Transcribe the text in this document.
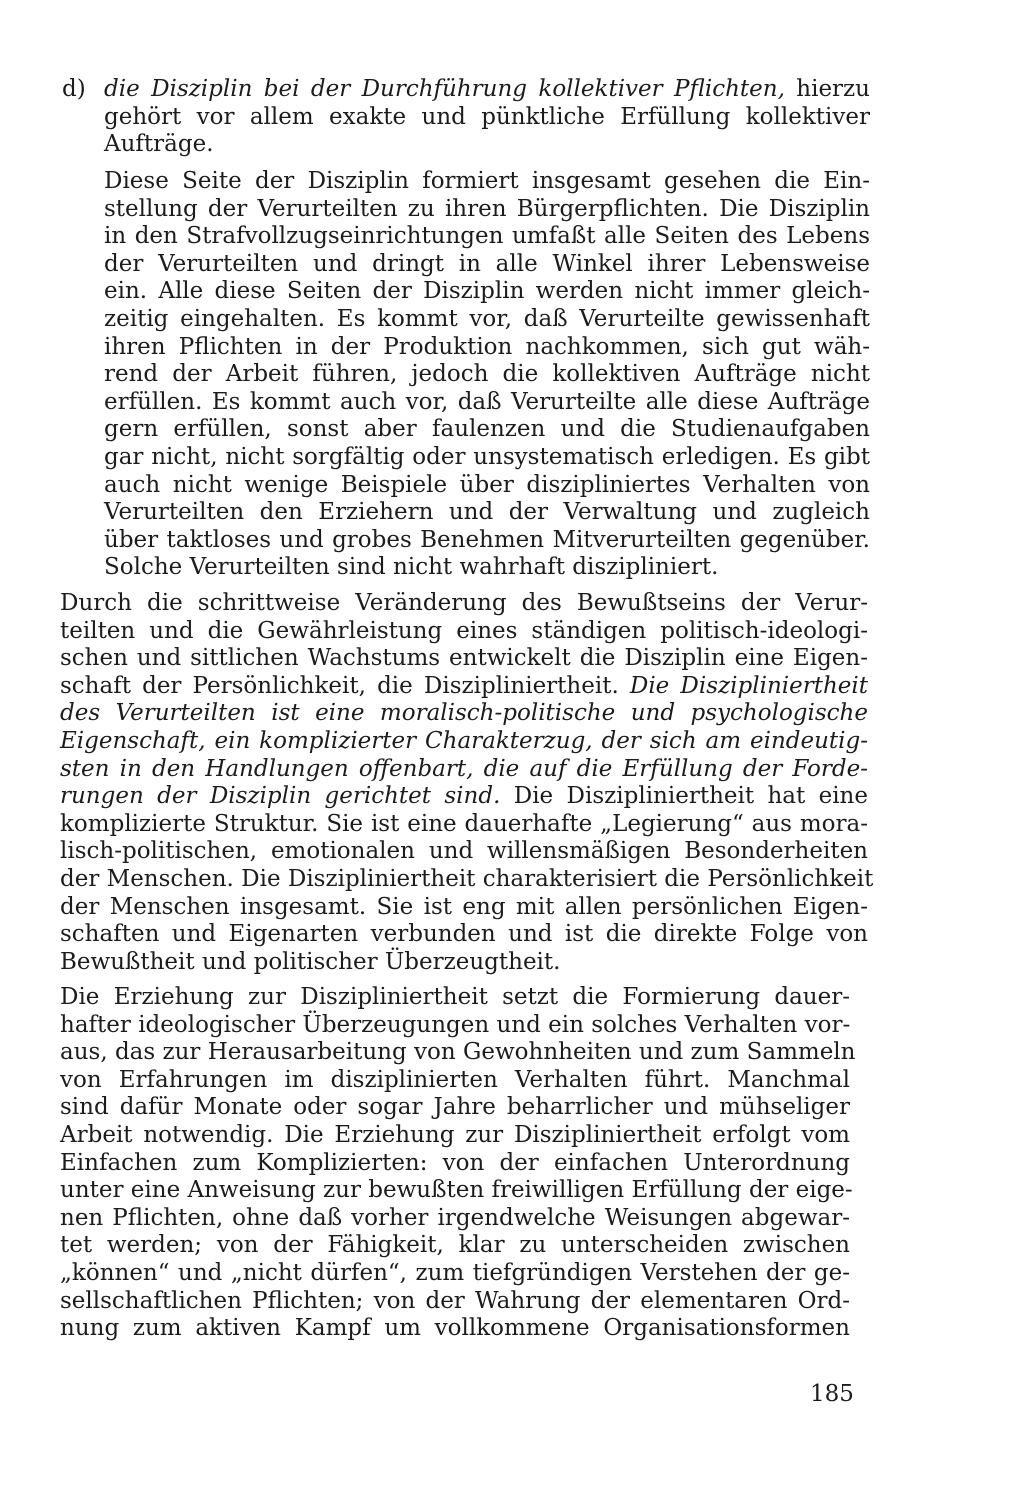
d) die Disziplin bei der Durchführung kollektiver Pflichten, hierzu
gehört vor allem exakte und pünktliche Erfüllung kollektiver
Aufträge.
Diese Seite der Disziplin formiert insgesamt gesehen die Ein-
stellung der Verurteilten zu ihren Bürgerpflichten. Die Disziplin
in den Strafvollzugseinrichtungen umfaßt alle Seiten des Lebens
der Verurteilten und dringt in alle Winkel ihrer Lebensweise
ein. Alle diese Seiten der Disziplin werden nicht immer gleich-
zeitig eingehalten. Es kommt vor, daß Verurteilte gewissenhaft
ihren Pflichten in der Produktion nachkommen, sich gut wäh-
rend der Arbeit führen, jedoch die kollektiven Aufträge nicht
erfüllen. Es kommt auch vor, daß Verurteilte alle diese Aufträge
gern erfüllen, sonst aber faulenzen und die Studienaufgaben
gar nicht, nicht sorgfältig oder unsystematisch erledigen. Es gibt
auch nicht wenige Beispiele über diszipliniertes Verhalten von
Verurteilten den Erziehern und der Verwaltung und zugleich
über taktloses und grobes Benehmen Mitverurteilten gegenüber.
Solche Verurteilten sind nicht wahrhaft diszipliniert.
Durch die schrittweise Veränderung des Bewußtseins der Verur-
teilten und die Gewährleistung eines ständigen politisch-ideologi-
schen und sittlichen Wachstums entwickelt die Disziplin eine Eigen-
schaft der Persönlichkeit, die Diszipliniertheit. Die Diszipliniertheit
des Verurteilten ist eine moralisch-politische und psychologische
Eigenschaft, ein komplizierter Charakterzug, der sich am eindeutig-
sten in den Handlungen offenbart, die auf die Erfüllung der Forde-
rungen der Disziplin gerichtet sind. Die Diszipliniertheit hat eine
komplizierte Struktur. Sie ist eine dauerhafte „Legierung“ aus mora-
lisch-politischen, emotionalen und willensmäßigen Besonderheiten
der Menschen. Die Diszipliniertheit charakterisiert die Persönlichkeit
der Menschen insgesamt. Sie ist eng mit allen persönlichen Eigen-
schaften und Eigenarten verbunden und ist die direkte Folge von
Bewußtheit und politischer Überzeugtheit.
Die Erziehung zur Diszipliniertheit setzt die Formierung dauer-
hafter ideologischer Überzeugungen und ein solches Verhalten vor-
aus, das zur Herausarbeitung von Gewohnheiten und zum Sammeln
von Erfahrungen im disziplinierten Verhalten führt. Manchmal
sind dafür Monate oder sogar Jahre beharrlicher und mühseliger
Arbeit notwendig. Die Erziehung zur Diszipliniertheit erfolgt vom
Einfachen zum Komplizierten: von der einfachen Unterordnung
unter eine Anweisung zur bewußten freiwilligen Erfüllung der eige-
nen Pflichten, ohne daß vorher irgendwelche Weisungen abgewar-
tet werden; von der Fähigkeit, klar zu unterscheiden zwischen
„können“ und „nicht dürfen“, zum tiefgründigen Verstehen der ge-
sellschaftlichen Pflichten; von der Wahrung der elementaren Ord-
nung zum aktiven Kampf um vollkommene Organisationsformen
185
